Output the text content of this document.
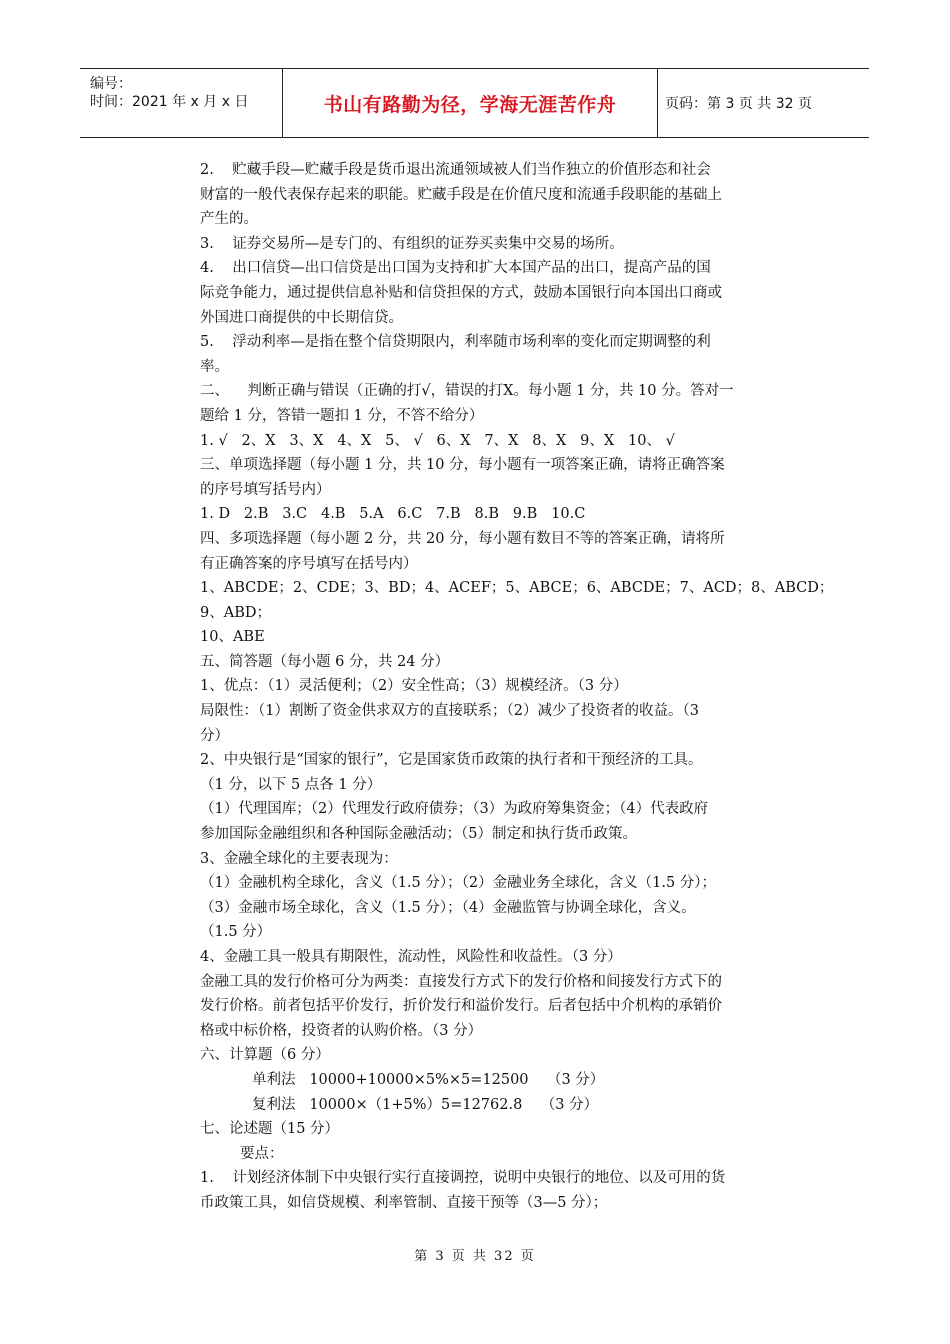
编号：
时间：2021 年 x 月 x 日	书山有路勤为径，学海无涯苦作舟	页码：第 3 页 共 32 页
2.    贮藏手段—贮藏手段是货币退出流通领域被人们当作独立的价值形态和社会
财富的一般代表保存起来的职能。贮藏手段是在价值尺度和流通手段职能的基础上
产生的。
3.    证券交易所—是专门的、有组织的证券买卖集中交易的场所。
4.    出口信贷—出口信贷是出口国为支持和扩大本国产品的出口，提高产品的国
际竞争能力，通过提供信息补贴和信贷担保的方式，鼓励本国银行向本国出口商或
外国进口商提供的中长期信贷。
5.    浮动利率—是指在整个信贷期限内，利率随市场利率的变化而定期调整的利
率。
二、    判断正确与错误（正确的打√，错误的打X。每小题 1 分，共 10 分。答对一
题给 1 分，答错一题扣 1 分，不答不给分）
1. √   2、X   3、X   4、X   5、 √   6、X   7、X   8、X   9、X   10、 √
三、单项选择题（每小题 1 分，共 10 分，每小题有一项答案正确，请将正确答案
的序号填写括号内）
1. D   2.B   3.C   4.B   5.A   6.C   7.B   8.B   9.B   10.C
四、多项选择题（每小题 2 分，共 20 分，每小题有数目不等的答案正确，请将所
有正确答案的序号填写在括号内）
1、ABCDE；2、CDE；3、BD；4、ACEF；5、ABCE；6、ABCDE；7、ACD；8、ABCD；
9、ABD；
10、ABE
五、简答题（每小题 6 分，共 24 分）
1、优点：（1）灵活便利；（2）安全性高；（3）规模经济。（3 分）
局限性：（1）割断了资金供求双方的直接联系；（2）减少了投资者的收益。（3
分）
2、中央银行是“国家的银行”，它是国家货币政策的执行者和干预经济的工具。
（1 分，以下 5 点各 1 分）
（1）代理国库；（2）代理发行政府债券；（3）为政府筹集资金；（4）代表政府
参加国际金融组织和各种国际金融活动；（5）制定和执行货币政策。
3、金融全球化的主要表现为：
（1）金融机构全球化，含义（1.5 分）；（2）金融业务全球化，含义（1.5 分）；
（3）金融市场全球化，含义（1.5 分）；（4）金融监管与协调全球化，含义。
（1.5 分）
4、金融工具一般具有期限性，流动性，风险性和收益性。（3 分）
金融工具的发行价格可分为两类：直接发行方式下的发行价格和间接发行方式下的
发行价格。前者包括平价发行，折价发行和溢价发行。后者包括中介机构的承销价
格或中标价格，投资者的认购价格。（3 分）
六、计算题（6 分）
单利法   10000+10000×5%×5=12500    （3 分）
复利法   10000×（1+5%）5=12762.8    （3 分）
七、论述题（15 分）
要点：
1.    计划经济体制下中央银行实行直接调控，说明中央银行的地位、以及可用的货
币政策工具，如信贷规模、利率管制、直接干预等（3—5 分）；
第 3 页 共 32 页
